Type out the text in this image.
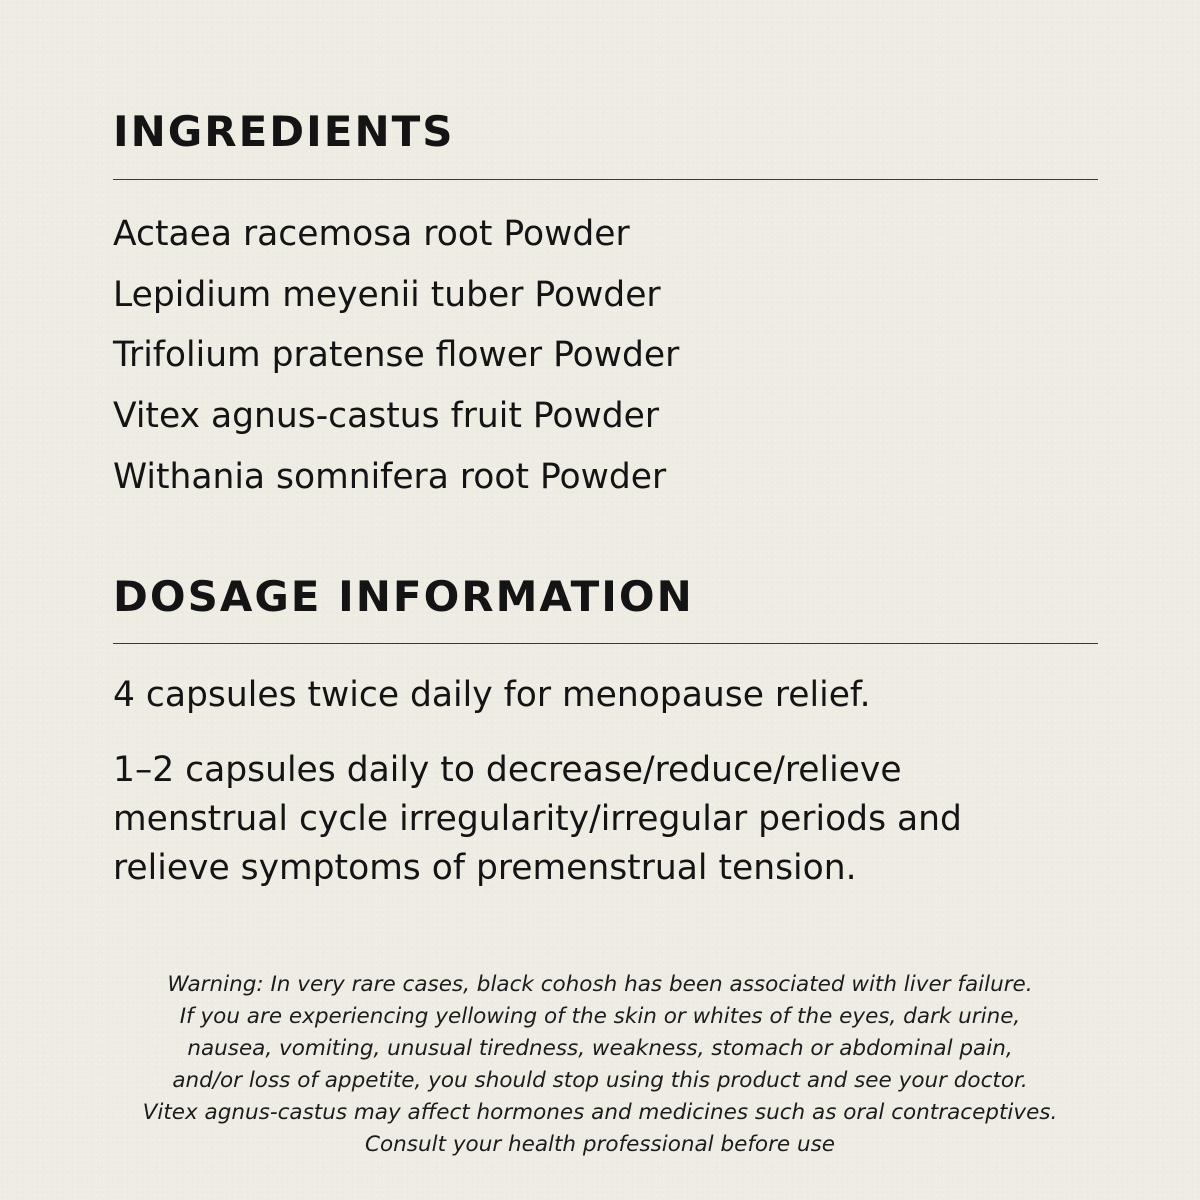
INGREDIENTS
Actaea racemosa root Powder
Lepidium meyenii tuber Powder
Trifolium pratense flower Powder
Vitex agnus-castus fruit Powder
Withania somnifera root Powder
DOSAGE INFORMATION

4 capsules twice daily for menopause relief.

1–2 capsules daily to decrease/reduce/relieve menstrual cycle irregularity/irregular periods and relieve symptoms of premenstrual tension.

Warning: In very rare cases, black cohosh has been associated with liver failure.
If you are experiencing yellowing of the skin or whites of the eyes, dark urine,
nausea, vomiting, unusual tiredness, weakness, stomach or abdominal pain,
and/or loss of appetite, you should stop using this product and see your doctor.
Vitex agnus-castus may affect hormones and medicines such as oral contraceptives.
Consult your health professional before use
